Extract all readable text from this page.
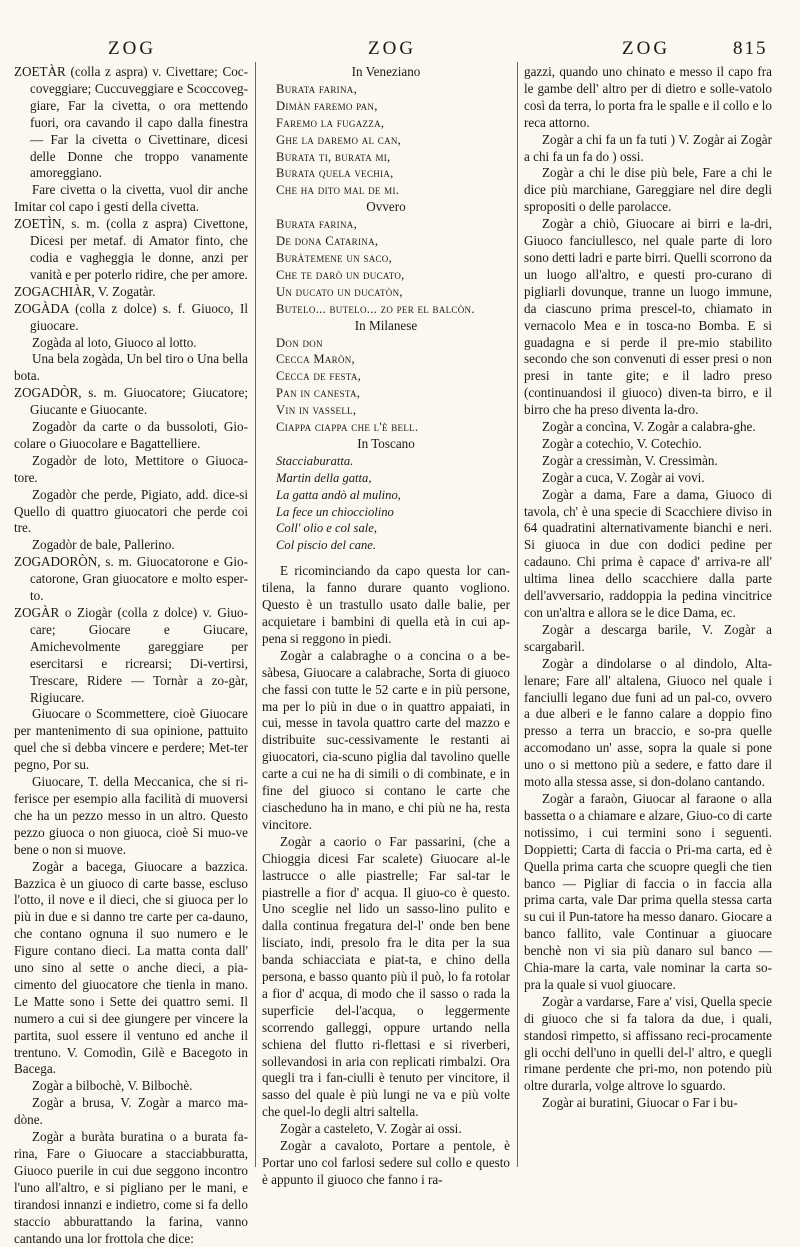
ZOG	ZOG	ZOG	815

ZOETÀR (colla z aspra) v. Civettare; Coc-coveggiare; Cuccuveggiare e Scoccoveg-giare, Far la civetta, o ora mettendo fuori, ora cavando il capo dalla finestra — Far la civetta o Civettinare, dicesi delle Donne che troppo vanamente amoreggiano.

Fare civetta o la civetta, vuol dir anche Imitar col capo i gesti della civetta.

ZOETÌN, s. m. (colla z aspra) Civettone, Dicesi per metaf. di Amator finto, che codia e vagheggia le donne, anzi per vanità e per poterlo ridire, che per amore.

ZOGACHIÀR, V. Zogatàr.

ZOGÀDA (colla z dolce) s. f. Giuoco, Il giuocare.

Zogàda al loto, Giuoco al lotto.

Una bela zogàda, Un bel tiro o Una bella bota.

ZOGADÒR, s. m. Giuocatore; Giucatore; Giucante e Giuocante.

Zogadòr da carte o da bussoloti, Gio-colare o Giuocolare e Bagattelliere.

Zogadòr de loto, Mettitore o Giuoca-tore.

Zogadòr che perde, Pigiato, add. dice-si Quello di quattro giuocatori che perde coi tre.

Zogadòr de bale, Pallerino.

ZOGADORÒN, s. m. Giuocatorone e Gio-catorone, Gran giuocatore e molto esper-to.

ZOGÀR o Ziogàr (colla z dolce) v. Giuo-care; Giocare e Giucare, Amichevolmente gareggiare per esercitarsi e ricrearsi; Di-vertirsi, Trescare, Ridere — Tornàr a zo-gàr, Rigiucare.

Giuocare o Scommettere, cioè Giuocare per mantenimento di sua opinione, pattuito quel che si debba vincere e perdere; Met-ter pegno, Por su.

Giuocare, T. della Meccanica, che si ri-ferisce per esempio alla facilità di muoversi che ha un pezzo messo in un altro. Questo pezzo giuoca o non giuoca, cioè Si muo-ve bene o non si muove.

Zogàr a bacega, Giuocare a bazzica. Bazzica è un giuoco di carte basse, escluso l'otto, il nove e il dieci, che si giuoca per lo più in due e si danno tre carte per ca-dauno, che contano ognuna il suo numero e le Figure contano dieci. La matta conta dall' uno sino al sette o anche dieci, a pia-cimento del giuocatore che tienla in mano. Le Matte sono i Sette dei quattro semi. Il numero a cui si dee giungere per vincere la partita, suol essere il ventuno ed anche il trentuno. V. Comodìn, Gilè e Bacegoto in Bacega.

Zogàr a bilbochè, V. Bilbochè.

Zogàr a brusa, V. Zogàr a marco ma-dòne.

Zogàr a buràta buratina o a burata fa-rina, Fare o Giuocare a stacciabburatta, Giuoco puerile in cui due seggono incontro l'uno all'altro, e si pigliano per le mani, e tirandosi innanzi e indietro, come si fa dello staccio abburattando la farina, vanno cantando una lor frottola che dice:

In Veneziano

Burata farina,

Dimàn faremo pan,

Faremo la fugazza,

Ghe la daremo al can,

Burata ti, burata mi,

Burata quela vechia,

Che ha dito mal de mi.

Ovvero

Burata farina,

De dona Catarina,

Buràtemene un saco,

Che te darò un ducato,

Un ducato un ducatòn,

Butelo... butelo... zo per el balcòn.

In Milanese

Don don

Cecca Maròn,

Cecca de festa,

Pan in canesta,

Vin in vassell,

Ciappa ciappa che l'è bell.

In Toscano

Stacciaburatta.

Martin della gatta,

La gatta andò al mulino,

La fece un chiocciolino

Coll' olio e col sale,

Col piscio del cane.

E ricominciando da capo questa lor can-tilena, la fanno durare quanto vogliono. Questo è un trastullo usato dalle balie, per acquietare i bambini di quella età in cui ap-pena si reggono in piedi.

Zogàr a calabraghe o a concina o a be-sàbesa, Giuocare a calabrache, Sorta di giuoco che fassi con tutte le 52 carte e in più persone, ma per lo più in due o in quattro appaiati, in cui, messe in tavola quattro carte del mazzo e distribuite suc-cessivamente le restanti ai giuocatori, cia-scuno piglia dal tavolino quelle carte a cui ne ha di simili o di combinate, e in fine del giuoco si contano le carte che ciascheduno ha in mano, e chi più ne ha, resta vincitore.

Zogàr a caorio o Far passarini, (che a Chioggia dicesi Far scalete) Giuocare al-le lastrucce o alle piastrelle; Far sal-tar le piastrelle a fior d' acqua. Il giuo-co è questo. Uno sceglie nel lido un sasso-lino pulito e dalla continua fregatura del-l' onde ben bene lisciato, indi, presolo fra le dita per la sua banda schiacciata e piat-ta, e chino della persona, e basso quanto più il può, lo fa rotolar a fior d' acqua, di modo che il sasso o rada la superficie del-l'acqua, o leggermente scorrendo galleggi, oppure urtando nella schiena del flutto ri-flettasi e si riverberi, sollevandosi in aria con replicati rimbalzi. Ora quegli tra i fan-ciulli è tenuto per vincitore, il sasso del quale è più lungi ne va e più volte che quel-lo degli altri saltella.

Zogàr a casteleto, V. Zogàr ai ossi.

Zogàr a cavaloto, Portare a pentole, è Portar uno col farlosi sedere sul collo e questo è appunto il giuoco che fanno i ra-

gazzi, quando uno chinato e messo il capo fra le gambe dell' altro per di dietro e solle-vatolo così da terra, lo porta fra le spalle e il collo e lo reca attorno.

Zogàr a chi fa un fa tuti ) V. Zogàr ai Zogàr a chi fa un fa do ) ossi.

Zogàr a chi le dise più bele, Fare a chi le dice più marchiane, Gareggiare nel dire degli spropositi o delle parolacce.

Zogàr a chiò, Giuocare ai birri e la-dri, Giuoco fanciullesco, nel quale parte di loro sono detti ladri e parte birri. Quelli scorrono da un luogo all'altro, e questi pro-curano di pigliarli dovunque, tranne un luogo immune, da ciascuno prima prescel-to, chiamato in vernacolo Mea e in tosca-no Bomba. E si guadagna e si perde il pre-mio stabilito secondo che son convenuti di esser presi o non presi in tante gite; e il ladro preso (continuandosi il giuoco) diven-ta birro, e il birro che ha preso diventa la-dro.

Zogàr a concìna, V. Zogàr a calabra-ghe.

Zogàr a cotechio, V. Cotechio.

Zogàr a cressimàn, V. Cressimàn.

Zogàr a cuca, V. Zogàr ai vovi.

Zogàr a dama, Fare a dama, Giuoco di tavola, ch' è una specie di Scacchiere diviso in 64 quadratini alternativamente bianchi e neri. Si giuoca in due con dodici pedine per cadauno. Chi prima è capace d' arriva-re all' ultima linea dello scacchiere dalla parte dell'avversario, raddoppia la pedina vincitrice con un'altra e allora se le dice Dama, ec.

Zogàr a descarga barile, V. Zogàr a scargabarìl.

Zogàr a dindolarse o al dindolo, Alta-lenare; Fare all' altalena, Giuoco nel quale i fanciulli legano due funi ad un pal-co, ovvero a due alberi e le fanno calare a doppio fino presso a terra un braccio, e so-pra quelle accomodano un' asse, sopra la quale si pone uno o si mettono più a sedere, e fatto dare il moto alla stessa asse, si don-dolano cantando.

Zogàr a faraòn, Giuocar al faraone o alla bassetta o a chiamare e alzare, Giuo-co di carte notissimo, i cui termini sono i seguenti. Doppietti; Carta di faccia o Pri-ma carta, ed è Quella prima carta che scuopre quegli che tien banco — Pigliar di faccia o in faccia alla prima carta, vale Dar prima quella stessa carta su cui il Pun-tatore ha messo danaro. Giocare a banco fallito, vale Continuar a giuocare benchè non vi sia più danaro sul banco — Chia-mare la carta, vale nominar la carta so-pra la quale si vuol giuocare.

Zogàr a vardarse, Fare a' visi, Quella specie di giuoco che si fa talora da due, i quali, standosi rimpetto, si affissano reci-procamente gli occhi dell'uno in quelli del-l' altro, e quegli rimane perdente che pri-mo, non potendo più oltre durarla, volge altrove lo sguardo.

Zogàr ai buratini, Giuocar o Far i bu-
